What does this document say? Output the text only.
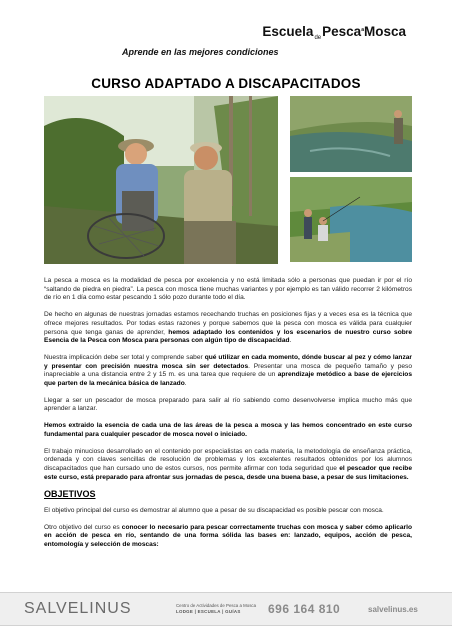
Escuela$_{de}$Pesca$^a$Mosca
Aprende en las mejores condiciones
CURSO ADAPTADO A DISCAPACITADOS

La pesca a mosca es la modalidad de pesca por excelencia y no está limitada sólo a personas que puedan ir por el río “saltando de piedra en piedra”. La pesca con mosca tiene muchas variantes y por ejemplo es tan válido recorrer 2 kilómetros de río en 1 día como estar pescando 1 sólo pozo durante todo el día.

De hecho en algunas de nuestras jornadas estamos recechando truchas en posiciones fijas y a veces esa es la técnica que ofrece mejores resultados. Por todas estas razones y porque sabemos que la pesca con mosca es válida para cualquier persona que tenga ganas de aprender, hemos adaptado los contenidos y los escenarios de nuestro curso sobre Esencia de la Pesca con Mosca para personas con algún tipo de discapacidad.

Nuestra implicación debe ser total y comprende saber qué utilizar en cada momento, dónde buscar al pez y cómo lanzar y presentar con precisión nuestra mosca sin ser detectados. Presentar una mosca de pequeño tamaño y peso inapreciable a una distancia entre 2 y 15 m. es una tarea que requiere de un aprendizaje metódico a base de ejercicios que parten de la mecánica básica de lanzado.

Llegar a ser un pescador de mosca preparado para salir al río sabiendo como desenvolverse implica mucho más que aprender a lanzar.

Hemos extraido la esencia de cada una de las áreas de la pesca a mosca y las hemos concentrado en este curso fundamental para cualquier pescador de mosca novel o iniciado.

El trabajo minucioso desarrollado en el contenido por especialistas en cada materia, la metodología de enseñanza práctica, ordenada y con claves sencillas de resolución de problemas y los excelentes resultados obtenidos por los alumnos discapacitados que han cursado uno de estos cursos, nos permite afirmar con toda seguridad que el pescador que recibe este curso, está preparado para afrontar sus jornadas de pesca, desde una buena base, a pesar de sus limitaciones.

OBJETIVOS

El objetivo principal del curso es demostrar al alumno que a pesar de su discapacidad es posible pescar con mosca.

Otro objetivo del curso es conocer lo necesario para pescar correctamente truchas con mosca y saber cómo aplicarlo en acción de pesca en río, sentando de una forma sólida las bases en: lanzado, equipos, acción de pesca, entomología y selección de moscas:

SALVELINUS	Centro de Actividades de Pesca a Mosca
LODGE | ESCUELA | GUÍAS	696 164 810	salvelinus.es
